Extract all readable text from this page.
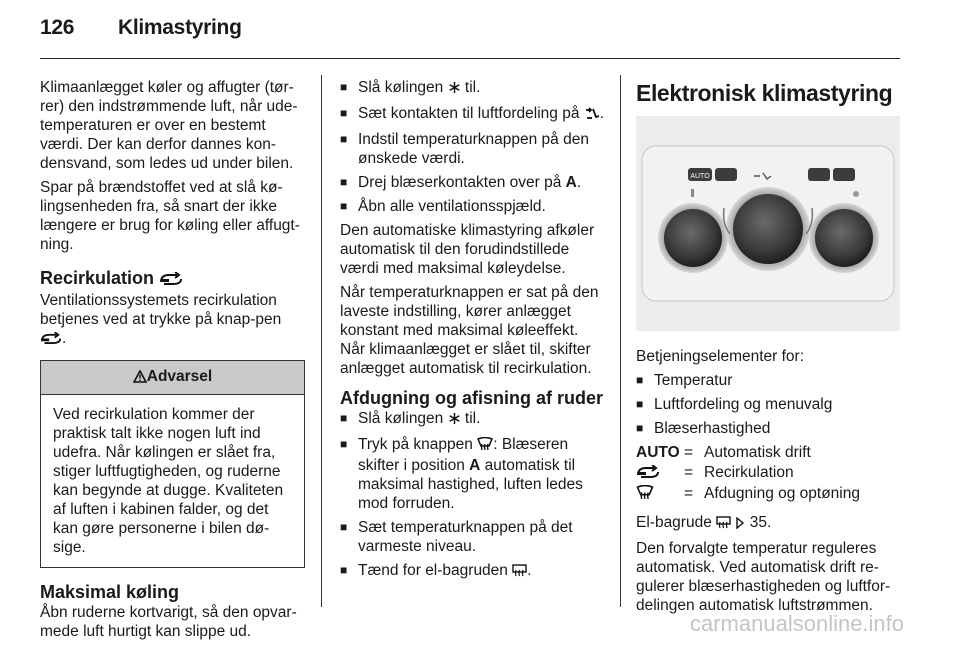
126 Klimastyring

Klimaanlægget køler og affugter (tør-rer) den indstrømmende luft, når ude-temperaturen er over en bestemt værdi. Der kan derfor dannes kon-densvand, som ledes ud under bilen.

Spar på brændstoffet ved at slå kø-lingsenheden fra, så snart der ikke længere er brug for køling eller affugt-ning.

Recirkulation

Ventilationssystemets recirkulation betjenes ved at trykke på knap-pen .

Advarsel
Ved recirkulation kommer der praktisk talt ikke nogen luft ind udefra. Når kølingen er slået fra, stiger luftfugtigheden, og ruderne kan begynde at dugge. Kvaliteten af luften i kabinen falder, og det kan gøre personerne i bilen dø-sige.
Maksimal køling

Åbn ruderne kortvarigt, så den opvar-mede luft hurtigt kan slippe ud.

■ Slå kølingen til.
■ Sæt kontakten til luftfordeling på .
■ Indstil temperaturknappen på den ønskede værdi.
■ Drej blæserkontakten over på A.
■ Åbn alle ventilationsspjæld.

Den automatiske klimastyring afkøler automatisk til den forudindstillede værdi med maksimal køleydelse.

Når temperaturknappen er sat på den laveste indstilling, kører anlægget konstant med maksimal køleeffekt. Når klimaanlægget er slået til, skifter anlægget automatisk til recirkulation.

Afdugning og afisning af ruder
■ Slå kølingen til.
■ Tryk på knappen : Blæseren skifter i position A automatisk til maksimal hastighed, luften ledes mod forruden.
■ Sæt temperaturknappen på det varmeste niveau.
■ Tænd for el-bagruden .
Elektronisk klimastyring
AUTO

Betjeningselementer for:

■ Temperatur
■ Luftfordeling og menuvalg
■ Blæserhastighed
AUTO	=	Automatisk drift
	=	Recirkulation
	=	Afdugning og optøning

El-bagrude 35.

Den forvalgte temperatur reguleres automatisk. Ved automatisk drift re-gulerer blæserhastigheden og luftfor-delingen automatisk luftstrømmen.

carmanualsonline.info
